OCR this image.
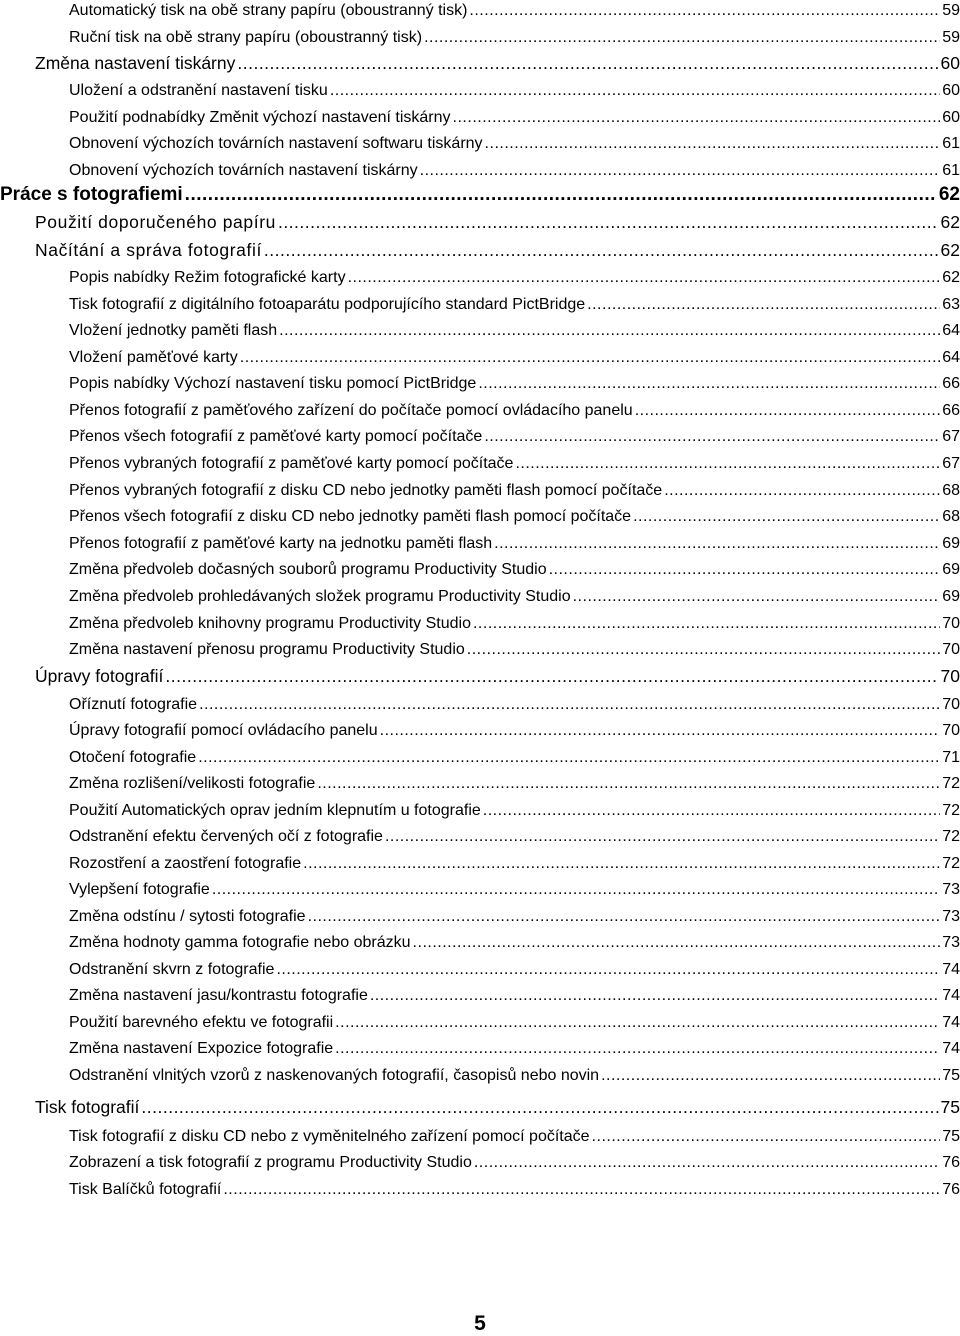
Automatický tisk na obě strany papíru (oboustranný tisk) .....	59
Ruční tisk na obě strany papíru (oboustranný tisk) .....	59
Změna nastavení tiskárny .....	60
Uložení a odstranění nastavení tisku .....	60
Použití podnabídky Změnit výchozí nastavení tiskárny .....	60
Obnovení výchozích továrních nastavení softwaru tiskárny .....	61
Obnovení výchozích továrních nastavení tiskárny .....	61
Práce s fotografiemi .....	62
Použití doporučeného papíru .....	62
Načítání a správa fotografií .....	62
Popis nabídky Režim fotografické karty .....	62
Tisk fotografií z digitálního fotoaparátu podporujícího standard PictBridge .....	63
Vložení jednotky paměti flash .....	64
Vložení paměťové karty .....	64
Popis nabídky Výchozí nastavení tisku pomocí PictBridge .....	66
Přenos fotografií z paměťového zařízení do počítače pomocí ovládacího panelu .....	66
Přenos všech fotografií z paměťové karty pomocí počítače .....	67
Přenos vybraných fotografií z paměťové karty pomocí počítače .....	67
Přenos vybraných fotografií z disku CD nebo jednotky paměti flash pomocí počítače .....	68
Přenos všech fotografií z disku CD nebo jednotky paměti flash pomocí počítače .....	68
Přenos fotografií z paměťové karty na jednotku paměti flash .....	69
Změna předvoleb dočasných souborů programu Productivity Studio .....	69
Změna předvoleb prohledávaných složek programu Productivity Studio .....	69
Změna předvoleb knihovny programu Productivity Studio .....	70
Změna nastavení přenosu programu Productivity Studio .....	70
Úpravy fotografií .....	70
Oříznutí fotografie .....	70
Úpravy fotografií pomocí ovládacího panelu .....	70
Otočení fotografie .....	71
Změna rozlišení/velikosti fotografie .....	72
Použití Automatických oprav jedním klepnutím u fotografie .....	72
Odstranění efektu červených očí z fotografie .....	72
Rozostření a zaostření fotografie .....	72
Vylepšení fotografie .....	73
Změna odstínu / sytosti fotografie .....	73
Změna hodnoty gamma fotografie nebo obrázku .....	73
Odstranění skvrn z fotografie .....	74
Změna nastavení jasu/kontrastu fotografie .....	74
Použití barevného efektu ve fotografii .....	74
Změna nastavení Expozice fotografie .....	74
Odstranění vlnitých vzorů z naskenovaných fotografií, časopisů nebo novin .....	75
Tisk fotografií .....	75
Tisk fotografií z disku CD nebo z vyměnitelného zařízení pomocí počítače .....	75
Zobrazení a tisk fotografií z programu Productivity Studio .....	76
Tisk Balíčků fotografií .....	76
5
